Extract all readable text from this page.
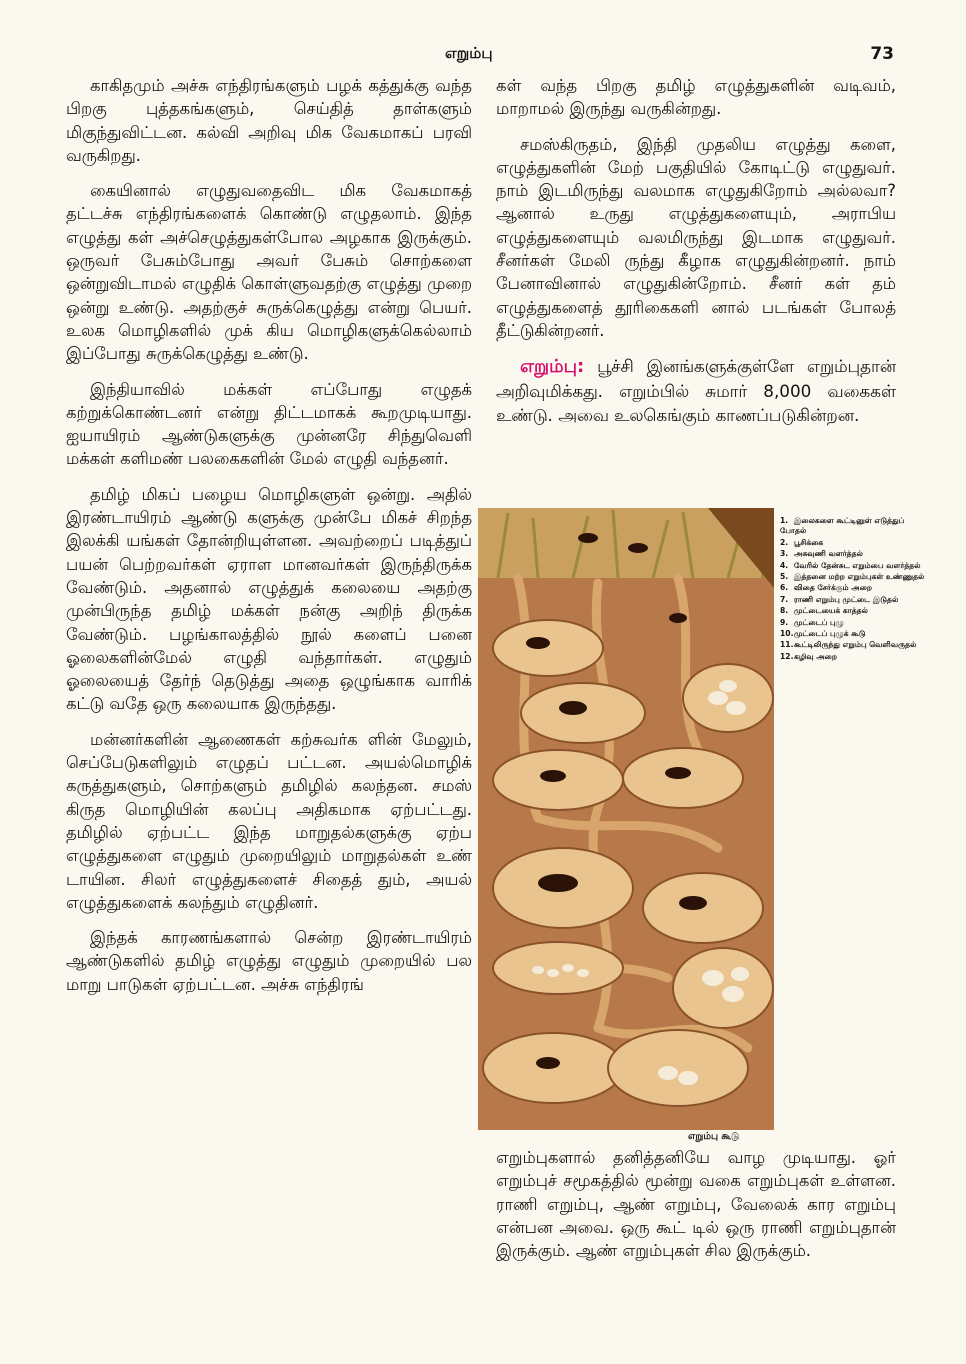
எறும்பு	73

காகிதமும் அச்சு எந்திரங்களும் பழக் கத்துக்கு வந்த பிறகு புத்தகங்களும், செய்தித் தாள்களும் மிகுந்துவிட்டன. கல்வி அறிவு மிக வேகமாகப் பரவி வருகிறது.

கையினால் எழுதுவதைவிட மிக வேகமாகத் தட்டச்சு எந்திரங்களைக் கொண்டு எழுதலாம். இந்த எழுத்து கள் அச்செழுத்துகள்போல அழகாக இருக்கும். ஒருவர் பேசும்போது அவர் பேசும் சொற்களை ஒன்றுவிடாமல் எழுதிக் கொள்ளுவதற்கு எழுத்து முறை ஒன்று உண்டு. அதற்குச் சுருக்கெழுத்து என்று பெயர். உலக மொழிகளில் முக் கிய மொழிகளுக்கெல்லாம் இப்போது சுருக்கெழுத்து உண்டு.

இந்தியாவில் மக்கள் எப்போது எழுதக் கற்றுக்கொண்டனர் என்று திட்டமாகக் கூறமுடியாது. ஐயாயிரம் ஆண்டுகளுக்கு முன்னரே சிந்துவெளி மக்கள் களிமண் பலகைகளின் மேல் எழுதி வந்தனர்.

தமிழ் மிகப் பழைய மொழிகளுள் ஒன்று. அதில் இரண்டாயிரம் ஆண்டு களுக்கு முன்பே மிகச் சிறந்த இலக்கி யங்கள் தோன்றியுள்ளன. அவற்றைப் படித்துப் பயன் பெற்றவர்கள் ஏராள மானவர்கள் இருந்திருக்க வேண்டும். அதனால் எழுத்துக் கலையை அதற்கு முன்பிருந்த தமிழ் மக்கள் நன்கு அறிந் திருக்க வேண்டும். பழங்காலத்தில் நூல் களைப் பனை ஓலைகளின்மேல் எழுதி வந்தார்கள். எழுதும் ஓலையைத் தேர்ந் தெடுத்து அதை ஒழுங்காக வாரிக் கட்டு வதே ஒரு கலையாக இருந்தது.

மன்னர்களின் ஆணைகள் கற்சுவர்க ளின் மேலும், செப்பேடுகளிலும் எழுதப் பட்டன. அயல்மொழிக் கருத்துகளும், சொற்களும் தமிழில் கலந்தன. சமஸ் கிருத மொழியின் கலப்பு அதிகமாக ஏற்பட்டது. தமிழில் ஏற்பட்ட இந்த மாறுதல்களுக்கு ஏற்ப எழுத்துகளை எழுதும் முறையிலும் மாறுதல்கள் உண் டாயின. சிலர் எழுத்துகளைச் சிதைத் தும், அயல் எழுத்துகளைக் கலந்தும் எழுதினர்.

இந்தக் காரணங்களால் சென்ற இரண்டாயிரம் ஆண்டுகளில் தமிழ் எழுத்து எழுதும் முறையில் பல மாறு பாடுகள் ஏற்பட்டன. அச்சு எந்திரங்

கள் வந்த பிறகு தமிழ் எழுத்துகளின் வடிவம், மாறாமல் இருந்து வருகின்றது.

சமஸ்கிருதம், இந்தி முதலிய எழுத்து களை, எழுத்துகளின் மேற் பகுதியில் கோடிட்டு எழுதுவர். நாம் இடமிருந்து வலமாக எழுதுகிறோம் அல்லவா? ஆனால் உருது எழுத்துகளையும், அராபிய எழுத்துகளையும் வலமிருந்து இடமாக எழுதுவர். சீனர்கள் மேலி ருந்து கீழாக எழுதுகின்றனர். நாம் பேனாவினால் எழுதுகின்றோம். சீனர் கள் தம் எழுத்துகளைத் தூரிகைகளி னால் படங்கள் போலத் தீட்டுகின்றனர்.

எறும்பு: பூச்சி இனங்களுக்குள்ளே எறும்புதான் அறிவுமிக்கது. எறும்பில் சுமார் 8,000 வகைகள் உண்டு. அவை உலகெங்கும் காணப்படுகின்றன.

1. இலைகளை கூட்டினுள் எடுத்துப் போதல்
2. பூசிக்கை
3. அசுவுணி வளர்த்தல்
4. வேரில் தேன்சுட எறும்பை வளர்த்தல்
5. இத்தனை மற்ற எறும்புகள் உண்ணுதல்
6. விதை சேர்க்கும் அறை
7. ராணி எறும்பு முட்டை இடுதல்
8. முட்டையைக் காத்தல்
9. முட்டைப் புழு
10.முட்டைப் புழுக் கூடு
11.கூட்டிலிருந்து எறும்பு வெளிவருதல்
12.கழிவு அறை
எறும்பு கூடு

எறும்புகளால் தனித்தனியே வாழ முடியாது. ஓர் எறும்புச் சமூகத்தில் மூன்று வகை எறும்புகள் உள்ளன. ராணி எறும்பு, ஆண் எறும்பு, வேலைக் கார எறும்பு என்பன அவை. ஒரு கூட் டில் ஒரு ராணி எறும்புதான் இருக்கும். ஆண் எறும்புகள் சில இருக்கும்.
